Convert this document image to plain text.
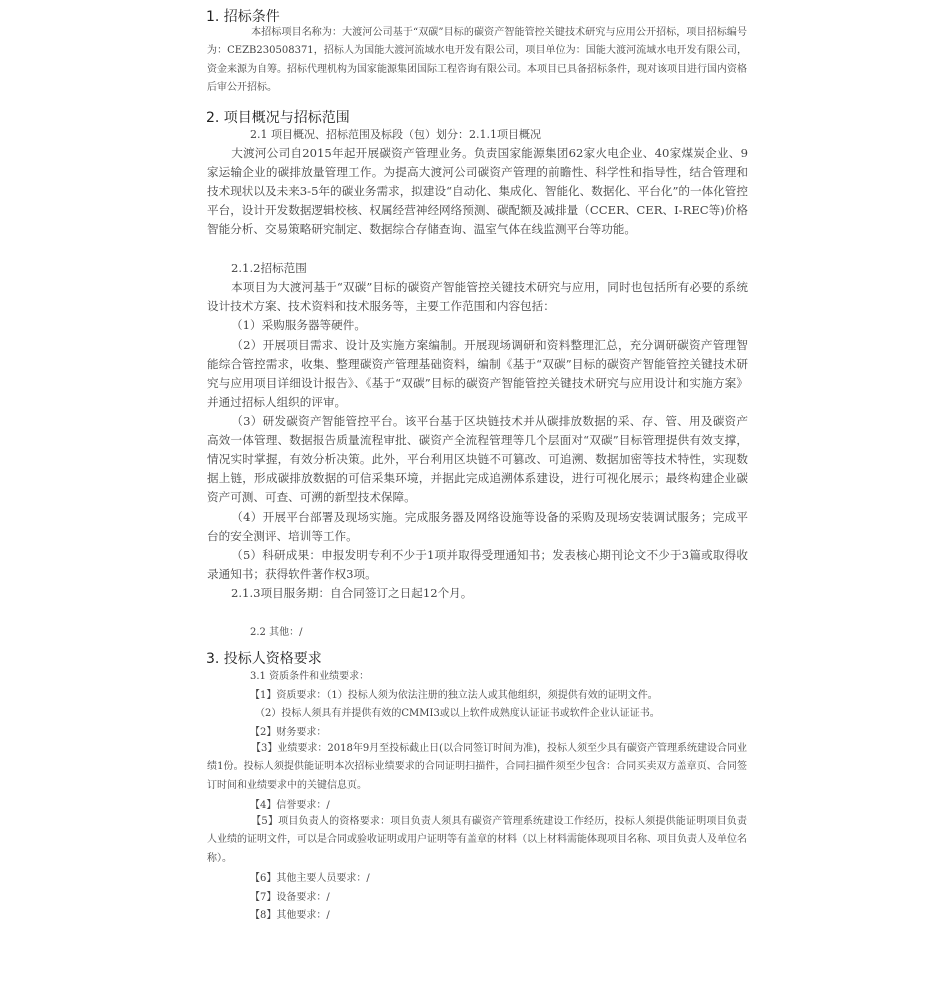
1. 招标条件

本招标项目名称为：大渡河公司基于“双碳”目标的碳资产智能管控关键技术研究与应用公开招标，项目招标编号为：CEZB230508371，招标人为国能大渡河流域水电开发有限公司，项目单位为：国能大渡河流域水电开发有限公司，资金来源为自筹。招标代理机构为国家能源集团国际工程咨询有限公司。本项目已具备招标条件，现对该项目进行国内资格后审公开招标。

2. 项目概况与招标范围
2.1 项目概况、招标范围及标段（包）划分：2.1.1项目概况

大渡河公司自2015年起开展碳资产管理业务。负责国家能源集团62家火电企业、40家煤炭企业、9家运输企业的碳排放量管理工作。为提高大渡河公司碳资产管理的前瞻性、科学性和指导性，结合管理和技术现状以及未来3-5年的碳业务需求，拟建设“自动化、集成化、智能化、数据化、平台化”的一体化管控平台，设计开发数据逻辑校核、权属经营神经网络预测、碳配额及减排量（CCER、CER、I-REC等)价格智能分析、交易策略研究制定、数据综合存储查询、温室气体在线监测平台等功能。

2.1.2招标范围

本项目为大渡河基于“双碳”目标的碳资产智能管控关键技术研究与应用，同时也包括所有必要的系统设计技术方案、技术资料和技术服务等，主要工作范围和内容包括：

（1）采购服务器等硬件。

（2）开展项目需求、设计及实施方案编制。开展现场调研和资料整理汇总，充分调研碳资产管理智能综合管控需求，收集、整理碳资产管理基础资料，编制《基于“双碳”目标的碳资产智能管控关键技术研究与应用项目详细设计报告》、《基于“双碳”目标的碳资产智能管控关键技术研究与应用设计和实施方案》并通过招标人组织的评审。

（3）研发碳资产智能管控平台。该平台基于区块链技术并从碳排放数据的采、存、管、用及碳资产高效一体管理、数据报告质量流程审批、碳资产全流程管理等几个层面对“双碳”目标管理提供有效支撑，情况实时掌握，有效分析决策。此外，平台利用区块链不可篡改、可追溯、数据加密等技术特性，实现数据上链，形成碳排放数据的可信采集环境，并据此完成追溯体系建设，进行可视化展示；最终构建企业碳资产可测、可查、可溯的新型技术保障。

（4）开展平台部署及现场实施。完成服务器及网络设施等设备的采购及现场安装调试服务；完成平台的安全测评、培训等工作。

（5）科研成果：申报发明专利不少于1项并取得受理通知书；发表核心期刊论文不少于3篇或取得收录通知书；获得软件著作权3项。

2.1.3项目服务期：自合同签订之日起12个月。
2.2 其他：/
3. 投标人资格要求
3.1 资质条件和业绩要求：
【1】资质要求：（1）投标人须为依法注册的独立法人或其他组织，须提供有效的证明文件。
（2）投标人须具有并提供有效的CMMI3或以上软件成熟度认证证书或软件企业认证证书。
【2】财务要求：

【3】业绩要求：2018年9月至投标截止日(以合同签订时间为准)，投标人须至少具有碳资产管理系统建设合同业绩1份。投标人须提供能证明本次招标业绩要求的合同证明扫描件，合同扫描件须至少包含：合同买卖双方盖章页、合同签订时间和业绩要求中的关键信息页。

【4】信誉要求：/

【5】项目负责人的资格要求：项目负责人须具有碳资产管理系统建设工作经历，投标人须提供能证明项目负责人业绩的证明文件，可以是合同或验收证明或用户证明等有盖章的材料（以上材料需能体现项目名称、项目负责人及单位名称）。

【6】其他主要人员要求：/
【7】设备要求：/
【8】其他要求：/
